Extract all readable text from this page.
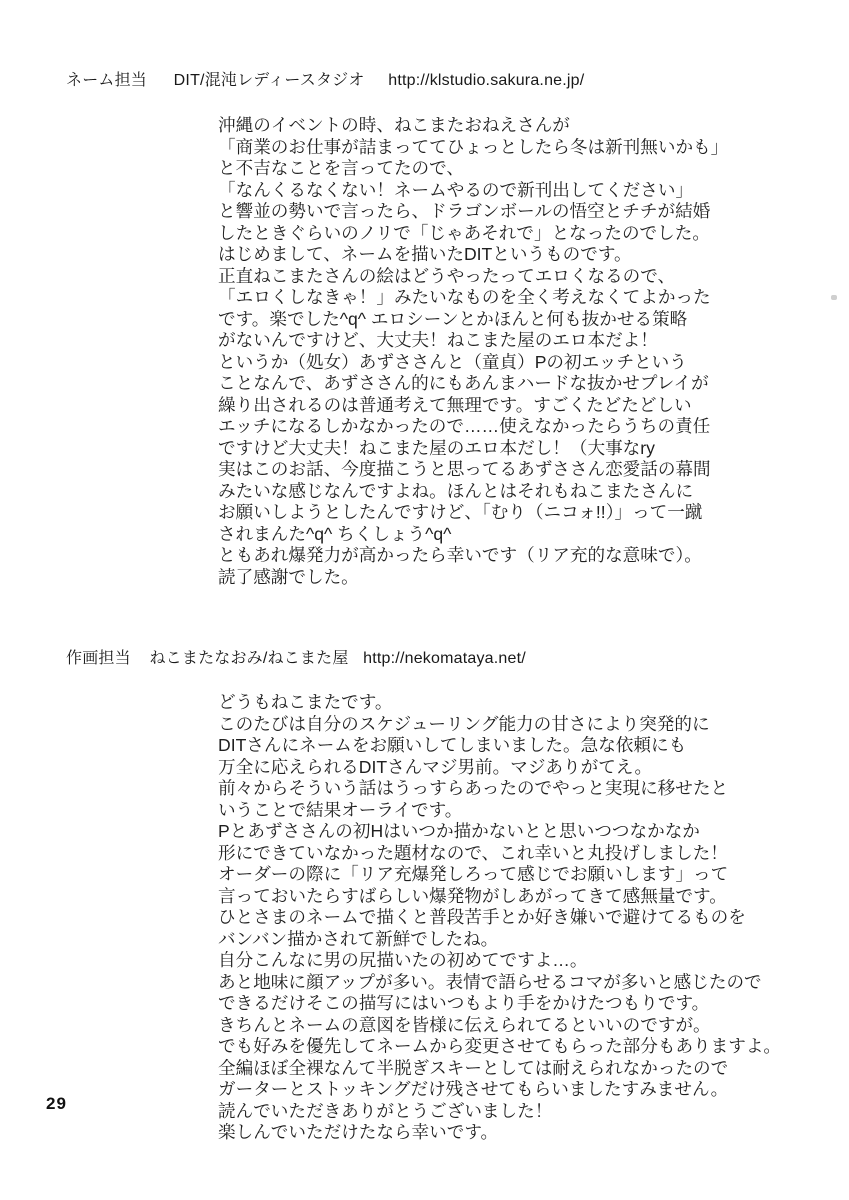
ネーム担当 DIT/混沌レディースタジオ http://klstudio.sakura.ne.jp/
沖縄のイベントの時、ねこまたおねえさんが
「商業のお仕事が詰まっててひょっとしたら冬は新刊無いかも」
と不吉なことを言ってたので、
「なんくるなくない！ネームやるので新刊出してください」
と響並の勢いで言ったら、ドラゴンボールの悟空とチチが結婚
したときぐらいのノリで「じゃあそれで」となったのでした。
はじめまして、ネームを描いたDITというものです。
正直ねこまたさんの絵はどうやったってエロくなるので、
「エロくしなきゃ！」みたいなものを全く考えなくてよかった
です。楽でした^q^ エロシーンとかほんと何も抜かせる策略
がないんですけど、大丈夫！ねこまた屋のエロ本だよ！
というか（処女）あずささんと（童貞）Pの初エッチという
ことなんで、あずささん的にもあんまハードな抜かせプレイが
繰り出されるのは普通考えて無理です。すごくたどたどしい
エッチになるしかなかったので……使えなかったらうちの責任
ですけど大丈夫！ねこまた屋のエロ本だし！（大事なry
実はこのお話、今度描こうと思ってるあずささん恋愛話の幕間
みたいな感じなんですよね。ほんとはそれもねこまたさんに
お願いしようとしたんですけど、「むり（ニコォ!!）」って一蹴
されまんた^q^ ちくしょう^q^
ともあれ爆発力が高かったら幸いです（リア充的な意味で）。
読了感謝でした。
作画担当 ねこまたなおみ/ねこまた屋 http://nekomataya.net/
どうもねこまたです。
このたびは自分のスケジューリング能力の甘さにより突発的に
DITさんにネームをお願いしてしまいました。急な依頼にも
万全に応えられるDITさんマジ男前。マジありがてえ。
前々からそういう話はうっすらあったのでやっと実現に移せたと
いうことで結果オーライです。
Pとあずささんの初Hはいつか描かないとと思いつつなかなか
形にできていなかった題材なので、これ幸いと丸投げしました！
オーダーの際に「リア充爆発しろって感じでお願いします」って
言っておいたらすばらしい爆発物がしあがってきて感無量です。
ひとさまのネームで描くと普段苦手とか好き嫌いで避けてるものを
バンバン描かされて新鮮でしたね。
自分こんなに男の尻描いたの初めてですよ…。
あと地味に顔アップが多い。表情で語らせるコマが多いと感じたので
できるだけそこの描写にはいつもより手をかけたつもりです。
きちんとネームの意図を皆様に伝えられてるといいのですが。
でも好みを優先してネームから変更させてもらった部分もありますよ。
全編ほぼ全裸なんて半脱ぎスキーとしては耐えられなかったので
ガーターとストッキングだけ残させてもらいましたすみません。
読んでいただきありがとうございました！
楽しんでいただけたなら幸いです。
29
